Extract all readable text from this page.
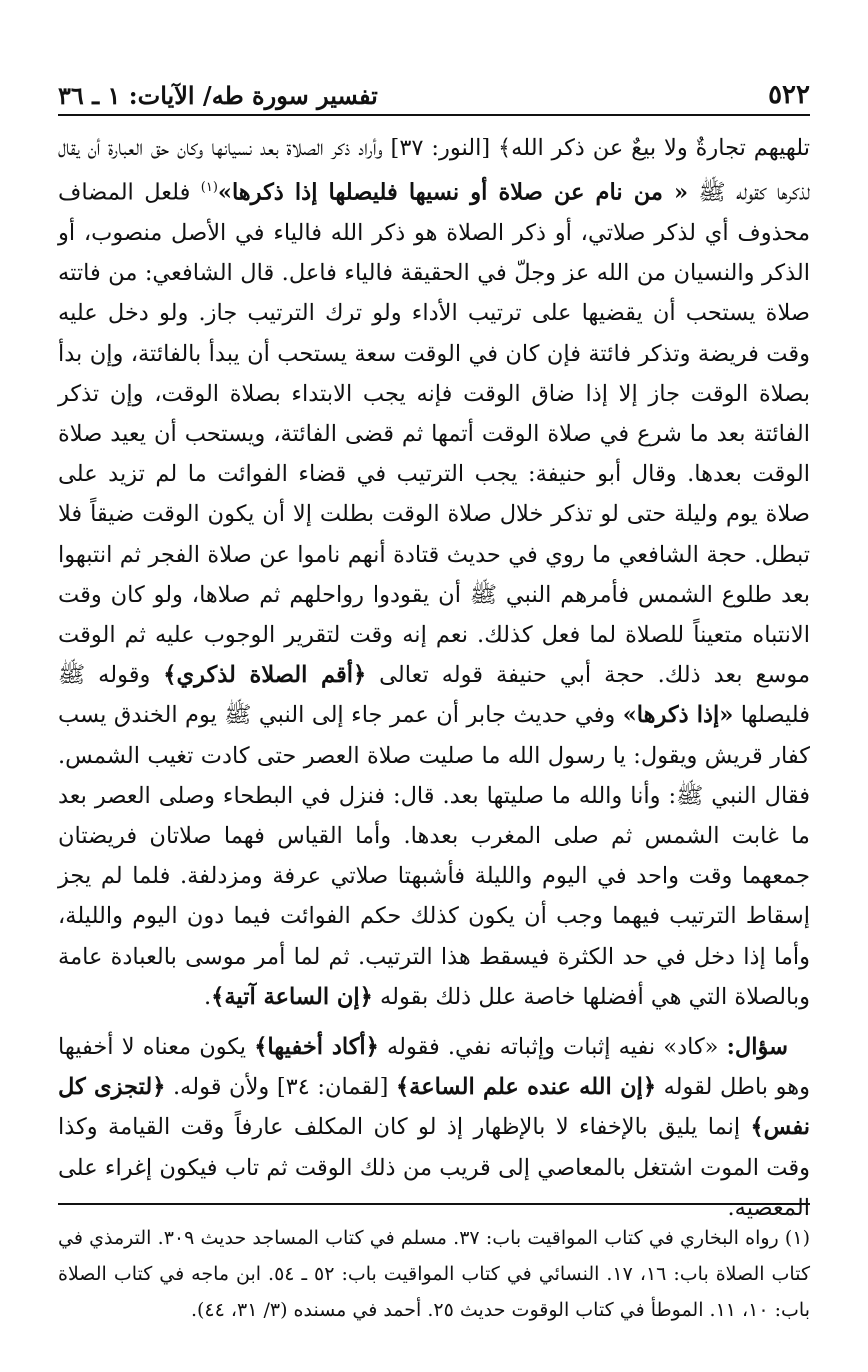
٥٢٢
تفسير سورة طه/ الآيات: ١ ـ ٣٦

تلهيهم تجارةٌ ولا بيعٌ عن ذكر الله﴾ [النور: ٣٧] وأراد ذكر الصلاة بعد نسيانها وكان حق العبارة أن يقال لذكرها كقوله ﷺ « من نام عن صلاة أو نسيها فليصلها إذا ذكرها»$^{(١)}$ فلعل المضاف محذوف أي لذكر صلاتي، أو ذكر الصلاة هو ذكر الله فالياء في الأصل منصوب، أو الذكر والنسيان من الله عز وجلّ في الحقيقة فالياء فاعل. قال الشافعي: من فاتته صلاة يستحب أن يقضيها على ترتيب الأداء ولو ترك الترتيب جاز. ولو دخل عليه وقت فريضة وتذكر فائتة فإن كان في الوقت سعة يستحب أن يبدأ بالفائتة، وإن بدأ بصلاة الوقت جاز إلا إذا ضاق الوقت فإنه يجب الابتداء بصلاة الوقت، وإن تذكر الفائتة بعد ما شرع في صلاة الوقت أتمها ثم قضى الفائتة، ويستحب أن يعيد صلاة الوقت بعدها. وقال أبو حنيفة: يجب الترتيب في قضاء الفوائت ما لم تزيد على صلاة يوم وليلة حتى لو تذكر خلال صلاة الوقت بطلت إلا أن يكون الوقت ضيقاً فلا تبطل. حجة الشافعي ما روي في حديث قتادة أنهم ناموا عن صلاة الفجر ثم انتبهوا بعد طلوع الشمس فأمرهم النبي ﷺ أن يقودوا رواحلهم ثم صلاها، ولو كان وقت الانتباه متعيناً للصلاة لما فعل كذلك. نعم إنه وقت لتقرير الوجوب عليه ثم الوقت موسع بعد ذلك. حجة أبي حنيفة قوله تعالى ﴿أقم الصلاة لذكري﴾ وقوله ﷺ فليصلها «إذا ذكرها» وفي حديث جابر أن عمر جاء إلى النبي ﷺ يوم الخندق يسب كفار قريش ويقول: يا رسول الله ما صليت صلاة العصر حتى كادت تغيب الشمس. فقال النبي ﷺ: وأنا والله ما صليتها بعد. قال: فنزل في البطحاء وصلى العصر بعد ما غابت الشمس ثم صلى المغرب بعدها. وأما القياس فهما صلاتان فريضتان جمعهما وقت واحد في اليوم والليلة فأشبهتا صلاتي عرفة ومزدلفة. فلما لم يجز إسقاط الترتيب فيهما وجب أن يكون كذلك حكم الفوائت فيما دون اليوم والليلة، وأما إذا دخل في حد الكثرة فيسقط هذا الترتيب. ثم لما أمر موسى بالعبادة عامة وبالصلاة التي هي أفضلها خاصة علل ذلك بقوله ﴿إن الساعة آتية﴾.

سؤال: «كاد» نفيه إثبات وإثباته نفي. فقوله ﴿أكاد أخفيها﴾ يكون معناه لا أخفيها وهو باطل لقوله ﴿إن الله عنده علم الساعة﴾ [لقمان: ٣٤] ولأن قوله. ﴿لتجزى كل نفس﴾ إنما يليق بالإخفاء لا بالإظهار إذ لو كان المكلف عارفاً وقت القيامة وكذا وقت الموت اشتغل بالمعاصي إلى قريب من ذلك الوقت ثم تاب فيكون إغراء على المعصية.

(١) رواه البخاري في كتاب المواقيت باب: ٣٧. مسلم في كتاب المساجد حديث ٣٠٩. الترمذي في كتاب الصلاة باب: ١٦، ١٧. النسائي في كتاب المواقيت باب: ٥٢ ـ ٥٤. ابن ماجه في كتاب الصلاة باب: ١٠، ١١. الموطأ في كتاب الوقوت حديث ٢٥. أحمد في مسنده (٣/ ٣١، ٤٤).
